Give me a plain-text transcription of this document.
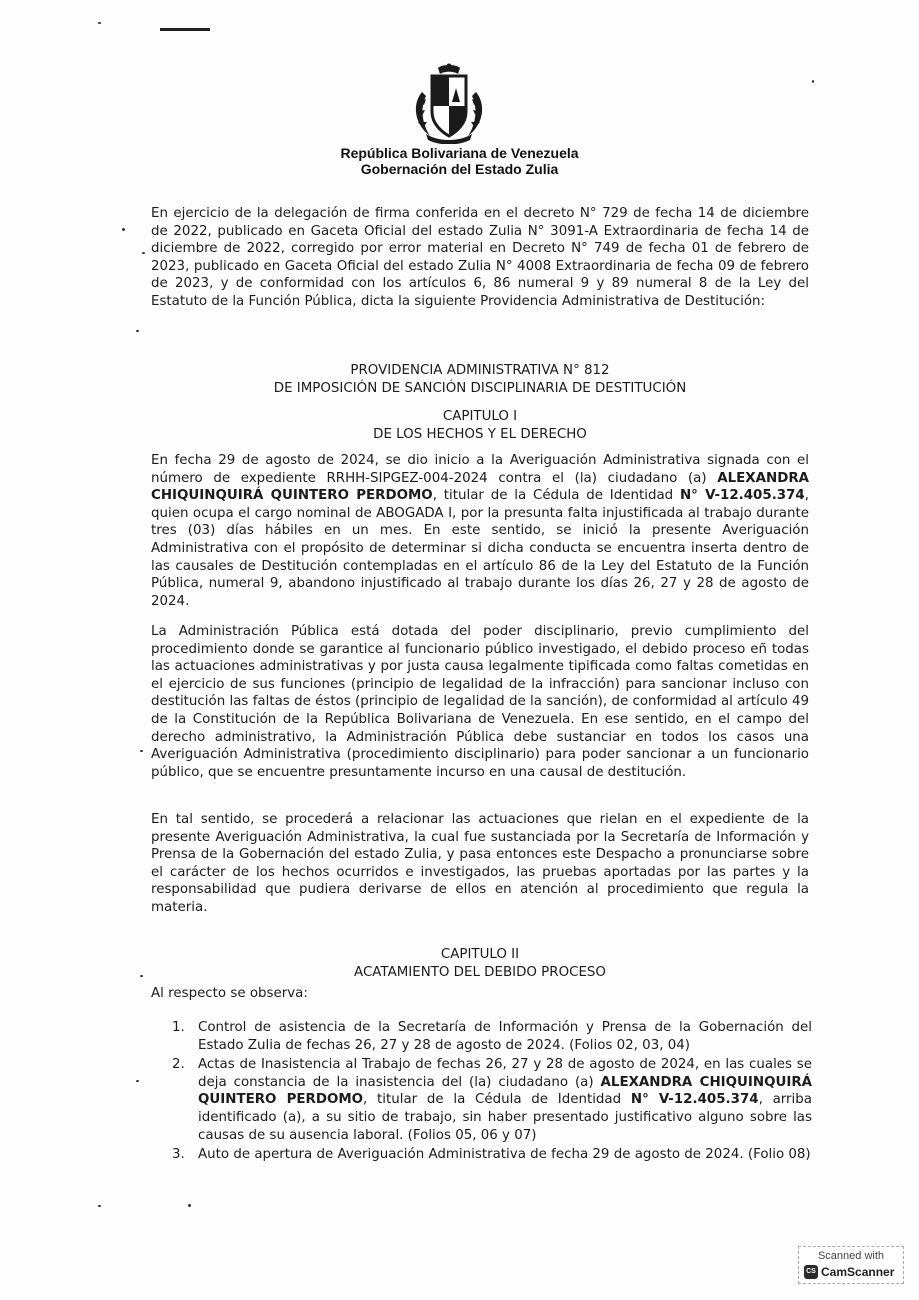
República Bolivariana de Venezuela
Gobernación del Estado Zulia

En ejercicio de la delegación de firma conferida en el decreto N° 729 de fecha 14 de diciembre de 2022, publicado en Gaceta Oficial del estado Zulia N° 3091-A Extraordinaria de fecha 14 de diciembre de 2022, corregido por error material en Decreto N° 749 de fecha 01 de febrero de 2023, publicado en Gaceta Oficial del estado Zulia N° 4008 Extraordinaria de fecha 09 de febrero de 2023, y de conformidad con los artículos 6, 86 numeral 9 y 89 numeral 8 de la Ley del Estatuto de la Función Pública, dicta la siguiente Providencia Administrativa de Destitución:

PROVIDENCIA ADMINISTRATIVA N° 812
DE IMPOSICIÓN DE SANCIÓN DISCIPLINARIA DE DESTITUCIÓN
CAPITULO I
DE LOS HECHOS Y EL DERECHO

En fecha 29 de agosto de 2024, se dio inicio a la Averiguación Administrativa signada con el número de expediente RRHH-SIPGEZ-004-2024 contra el (la) ciudadano (a) ALEXANDRA CHIQUINQUIRÁ QUINTERO PERDOMO, titular de la Cédula de Identidad N° V-12.405.374, quien ocupa el cargo nominal de ABOGADA I, por la presunta falta injustificada al trabajo durante tres (03) días hábiles en un mes. En este sentido, se inició la presente Averiguación Administrativa con el propósito de determinar si dicha conducta se encuentra inserta dentro de las causales de Destitución contempladas en el artículo 86 de la Ley del Estatuto de la Función Pública, numeral 9, abandono injustificado al trabajo durante los días 26, 27 y 28 de agosto de 2024.

La Administración Pública está dotada del poder disciplinario, previo cumplimiento del procedimiento donde se garantice al funcionario público investigado, el debido proceso eñ todas las actuaciones administrativas y por justa causa legalmente tipificada como faltas cometidas en el ejercicio de sus funciones (principio de legalidad de la infracción) para sancionar incluso con destitución las faltas de éstos (principio de legalidad de la sanción), de conformidad al artículo 49 de la Constitución de la República Bolivariana de Venezuela. En ese sentido, en el campo del derecho administrativo, la Administración Pública debe sustanciar en todos los casos una Averiguación Administrativa (procedimiento disciplinario) para poder sancionar a un funcionario público, que se encuentre presuntamente incurso en una causal de destitución.

En tal sentido, se procederá a relacionar las actuaciones que rielan en el expediente de la presente Averiguación Administrativa, la cual fue sustanciada por la Secretaría de Información y Prensa de la Gobernación del estado Zulia, y pasa entonces este Despacho a pronunciarse sobre el carácter de los hechos ocurridos e investigados, las pruebas aportadas por las partes y la responsabilidad que pudiera derivarse de ellos en atención al procedimiento que regula la materia.

CAPITULO II
ACATAMIENTO DEL DEBIDO PROCESO

Al respecto se observa:

1. Control de asistencia de la Secretaría de Información y Prensa de la Gobernación del Estado Zulia de fechas 26, 27 y 28 de agosto de 2024. (Folios 02, 03, 04)
2. Actas de Inasistencia al Trabajo de fechas 26, 27 y 28 de agosto de 2024, en las cuales se deja constancia de la inasistencia del (la) ciudadano (a) ALEXANDRA CHIQUINQUIRÁ QUINTERO PERDOMO, titular de la Cédula de Identidad N° V-12.405.374, arriba identificado (a), a su sitio de trabajo, sin haber presentado justificativo alguno sobre las causas de su ausencia laboral. (Folios 05, 06 y 07)
3. Auto de apertura de Averiguación Administrativa de fecha 29 de agosto de 2024. (Folio 08)
Scanned with
CS CamScanner
